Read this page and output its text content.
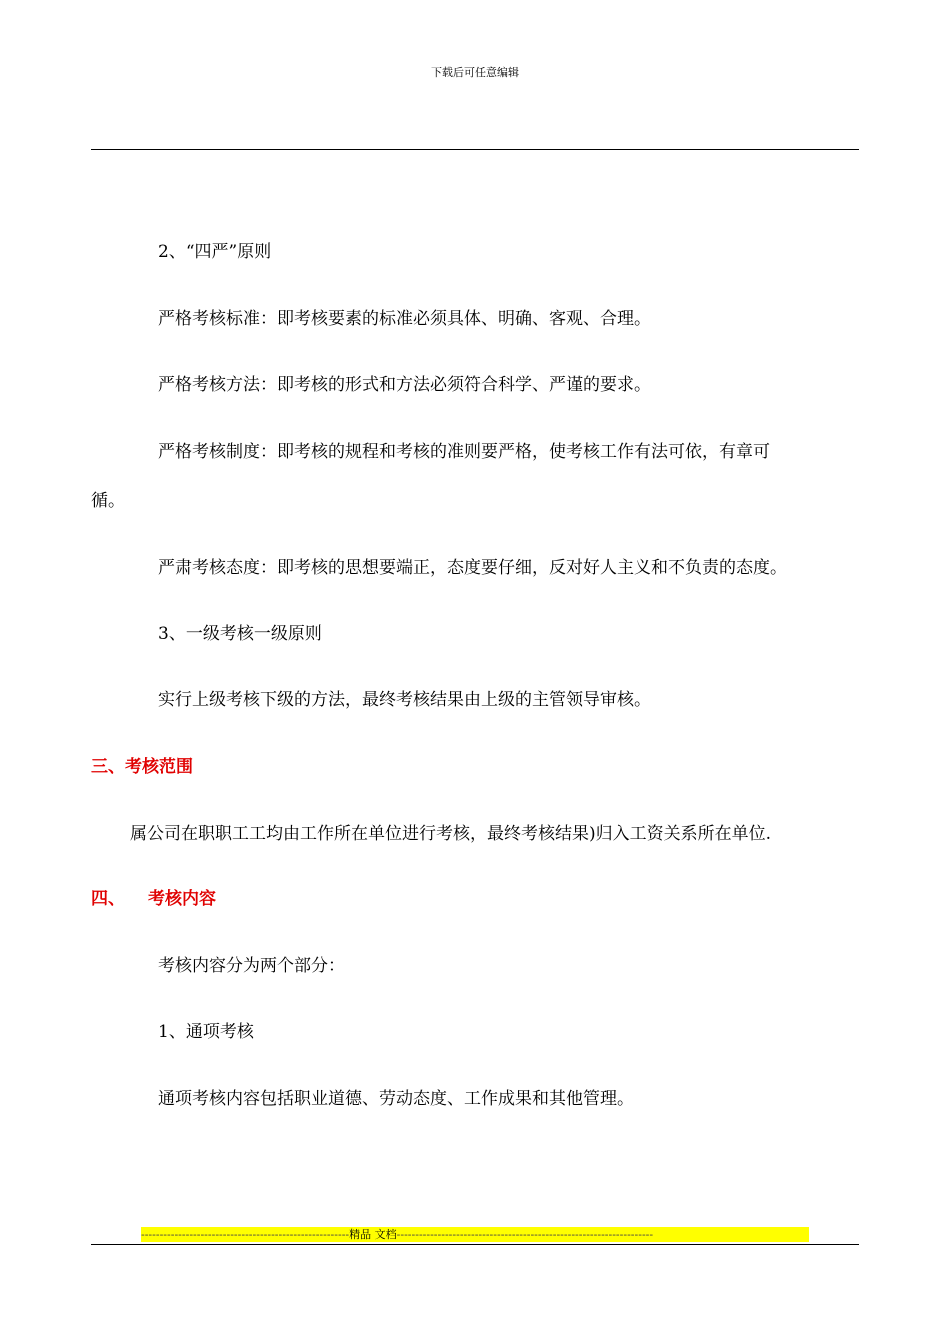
下载后可任意编辑
2、“四严”原则
严格考核标准：即考核要素的标准必须具体、明确、客观、合理。
严格考核方法：即考核的形式和方法必须符合科学、严谨的要求。
严格考核制度：即考核的规程和考核的准则要严格，使考核工作有法可依，有章可
循。
严肃考核态度：即考核的思想要端正，态度要仔细，反对好人主义和不负责的态度。
3、一级考核一级原则
实行上级考核下级的方法，最终考核结果由上级的主管领导审核。
三、考核范围
属公司在职职工工均由工作所在单位进行考核，最终考核结果)归入工资关系所在单位.
四、 考核内容
考核内容分为两个部分：
1、通项考核
通项考核内容包括职业道德、劳动态度、工作成果和其他管理。
--------------------------------------------------------精品 文档---------------------------------------------------------------------
